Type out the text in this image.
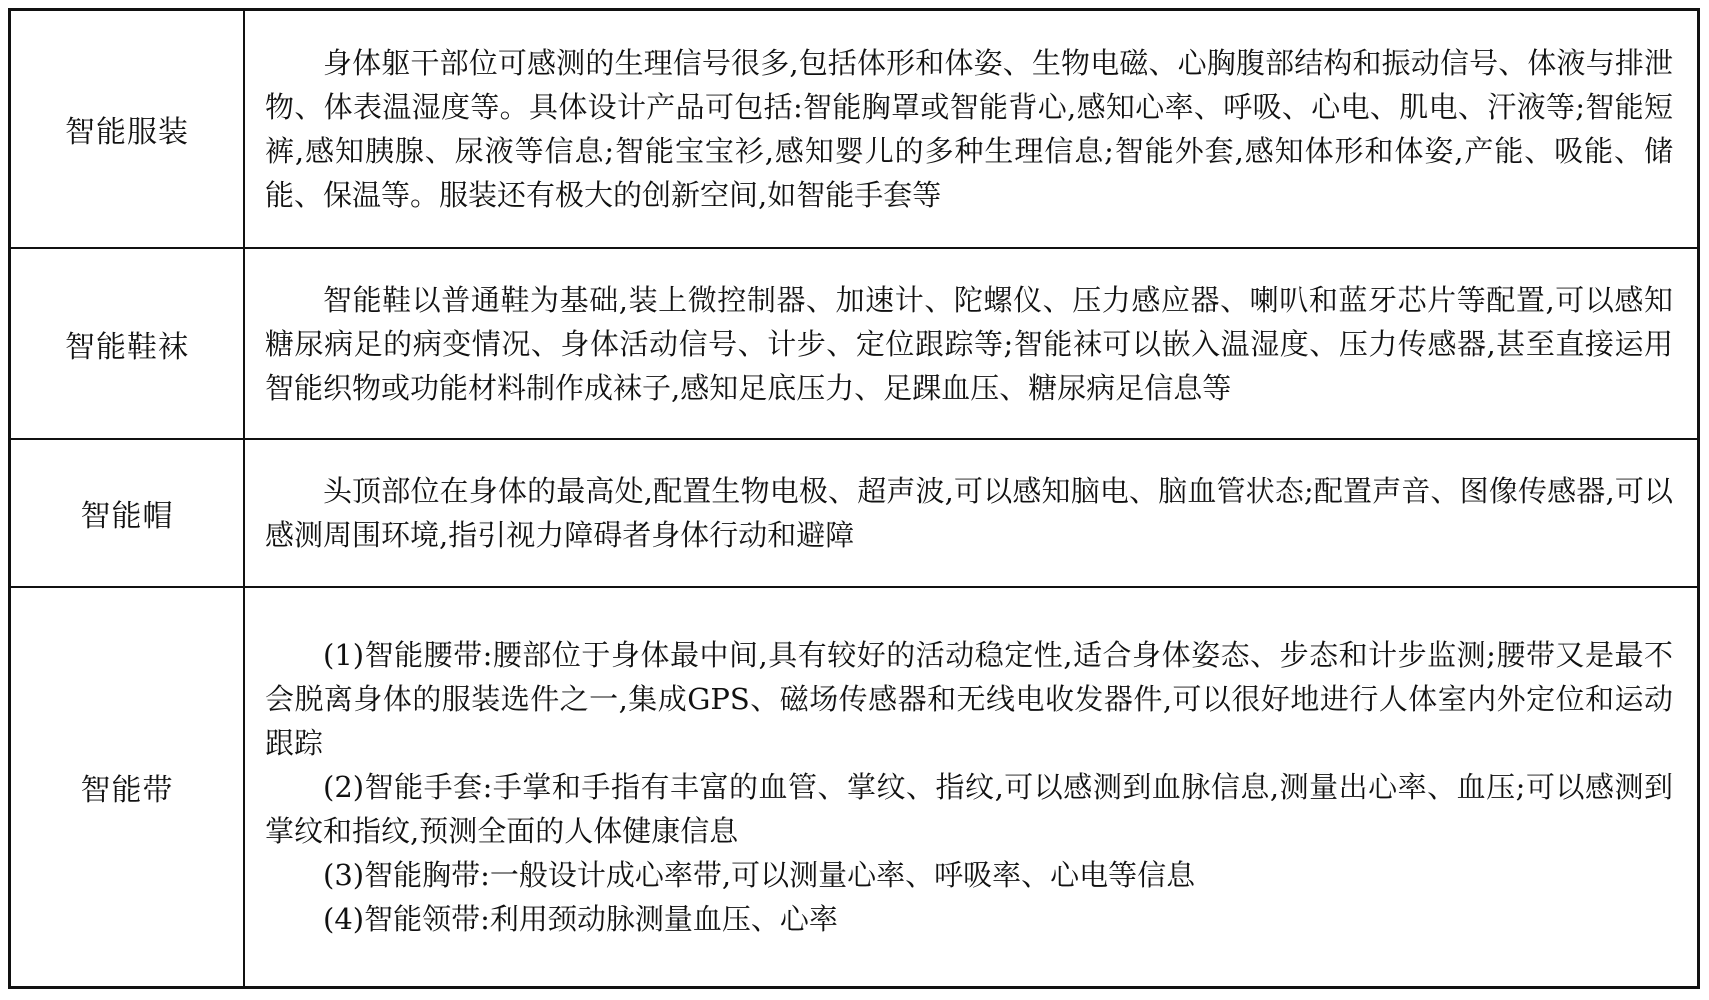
智能服装	身体躯干部位可感测的生理信号很多,包括体形和体姿、生物电磁、心胸腹部结构和振动信号、体液与排泄物、体表温湿度等。具体设计产品可包括:智能胸罩或智能背心,感知心率、呼吸、心电、肌电、汗液等;智能短裤,感知胰腺、尿液等信息;智能宝宝衫,感知婴儿的多种生理信息;智能外套,感知体形和体姿,产能、吸能、储能、保温等。服装还有极大的创新空间,如智能手套等

智能鞋袜	智能鞋以普通鞋为基础,装上微控制器、加速计、陀螺仪、压力感应器、喇叭和蓝牙芯片等配置,可以感知糖尿病足的病变情况、身体活动信号、计步、定位跟踪等;智能袜可以嵌入温湿度、压力传感器,甚至直接运用智能织物或功能材料制作成袜子,感知足底压力、足踝血压、糖尿病足信息等

智能帽	头顶部位在身体的最高处,配置生物电极、超声波,可以感知脑电、脑血管状态;配置声音、图像传感器,可以感测周围环境,指引视力障碍者身体行动和避障

智能带	(1)智能腰带:腰部位于身体最中间,具有较好的活动稳定性,适合身体姿态、步态和计步监测;腰带又是最不会脱离身体的服装选件之一,集成GPS、磁场传感器和无线电收发器件,可以很好地进行人体室内外定位和运动跟踪

(2)智能手套:手掌和手指有丰富的血管、掌纹、指纹,可以感测到血脉信息,测量出心率、血压;可以感测到掌纹和指纹,预测全面的人体健康信息

(3)智能胸带:一般设计成心率带,可以测量心率、呼吸率、心电等信息

(4)智能领带:利用颈动脉测量血压、心率
